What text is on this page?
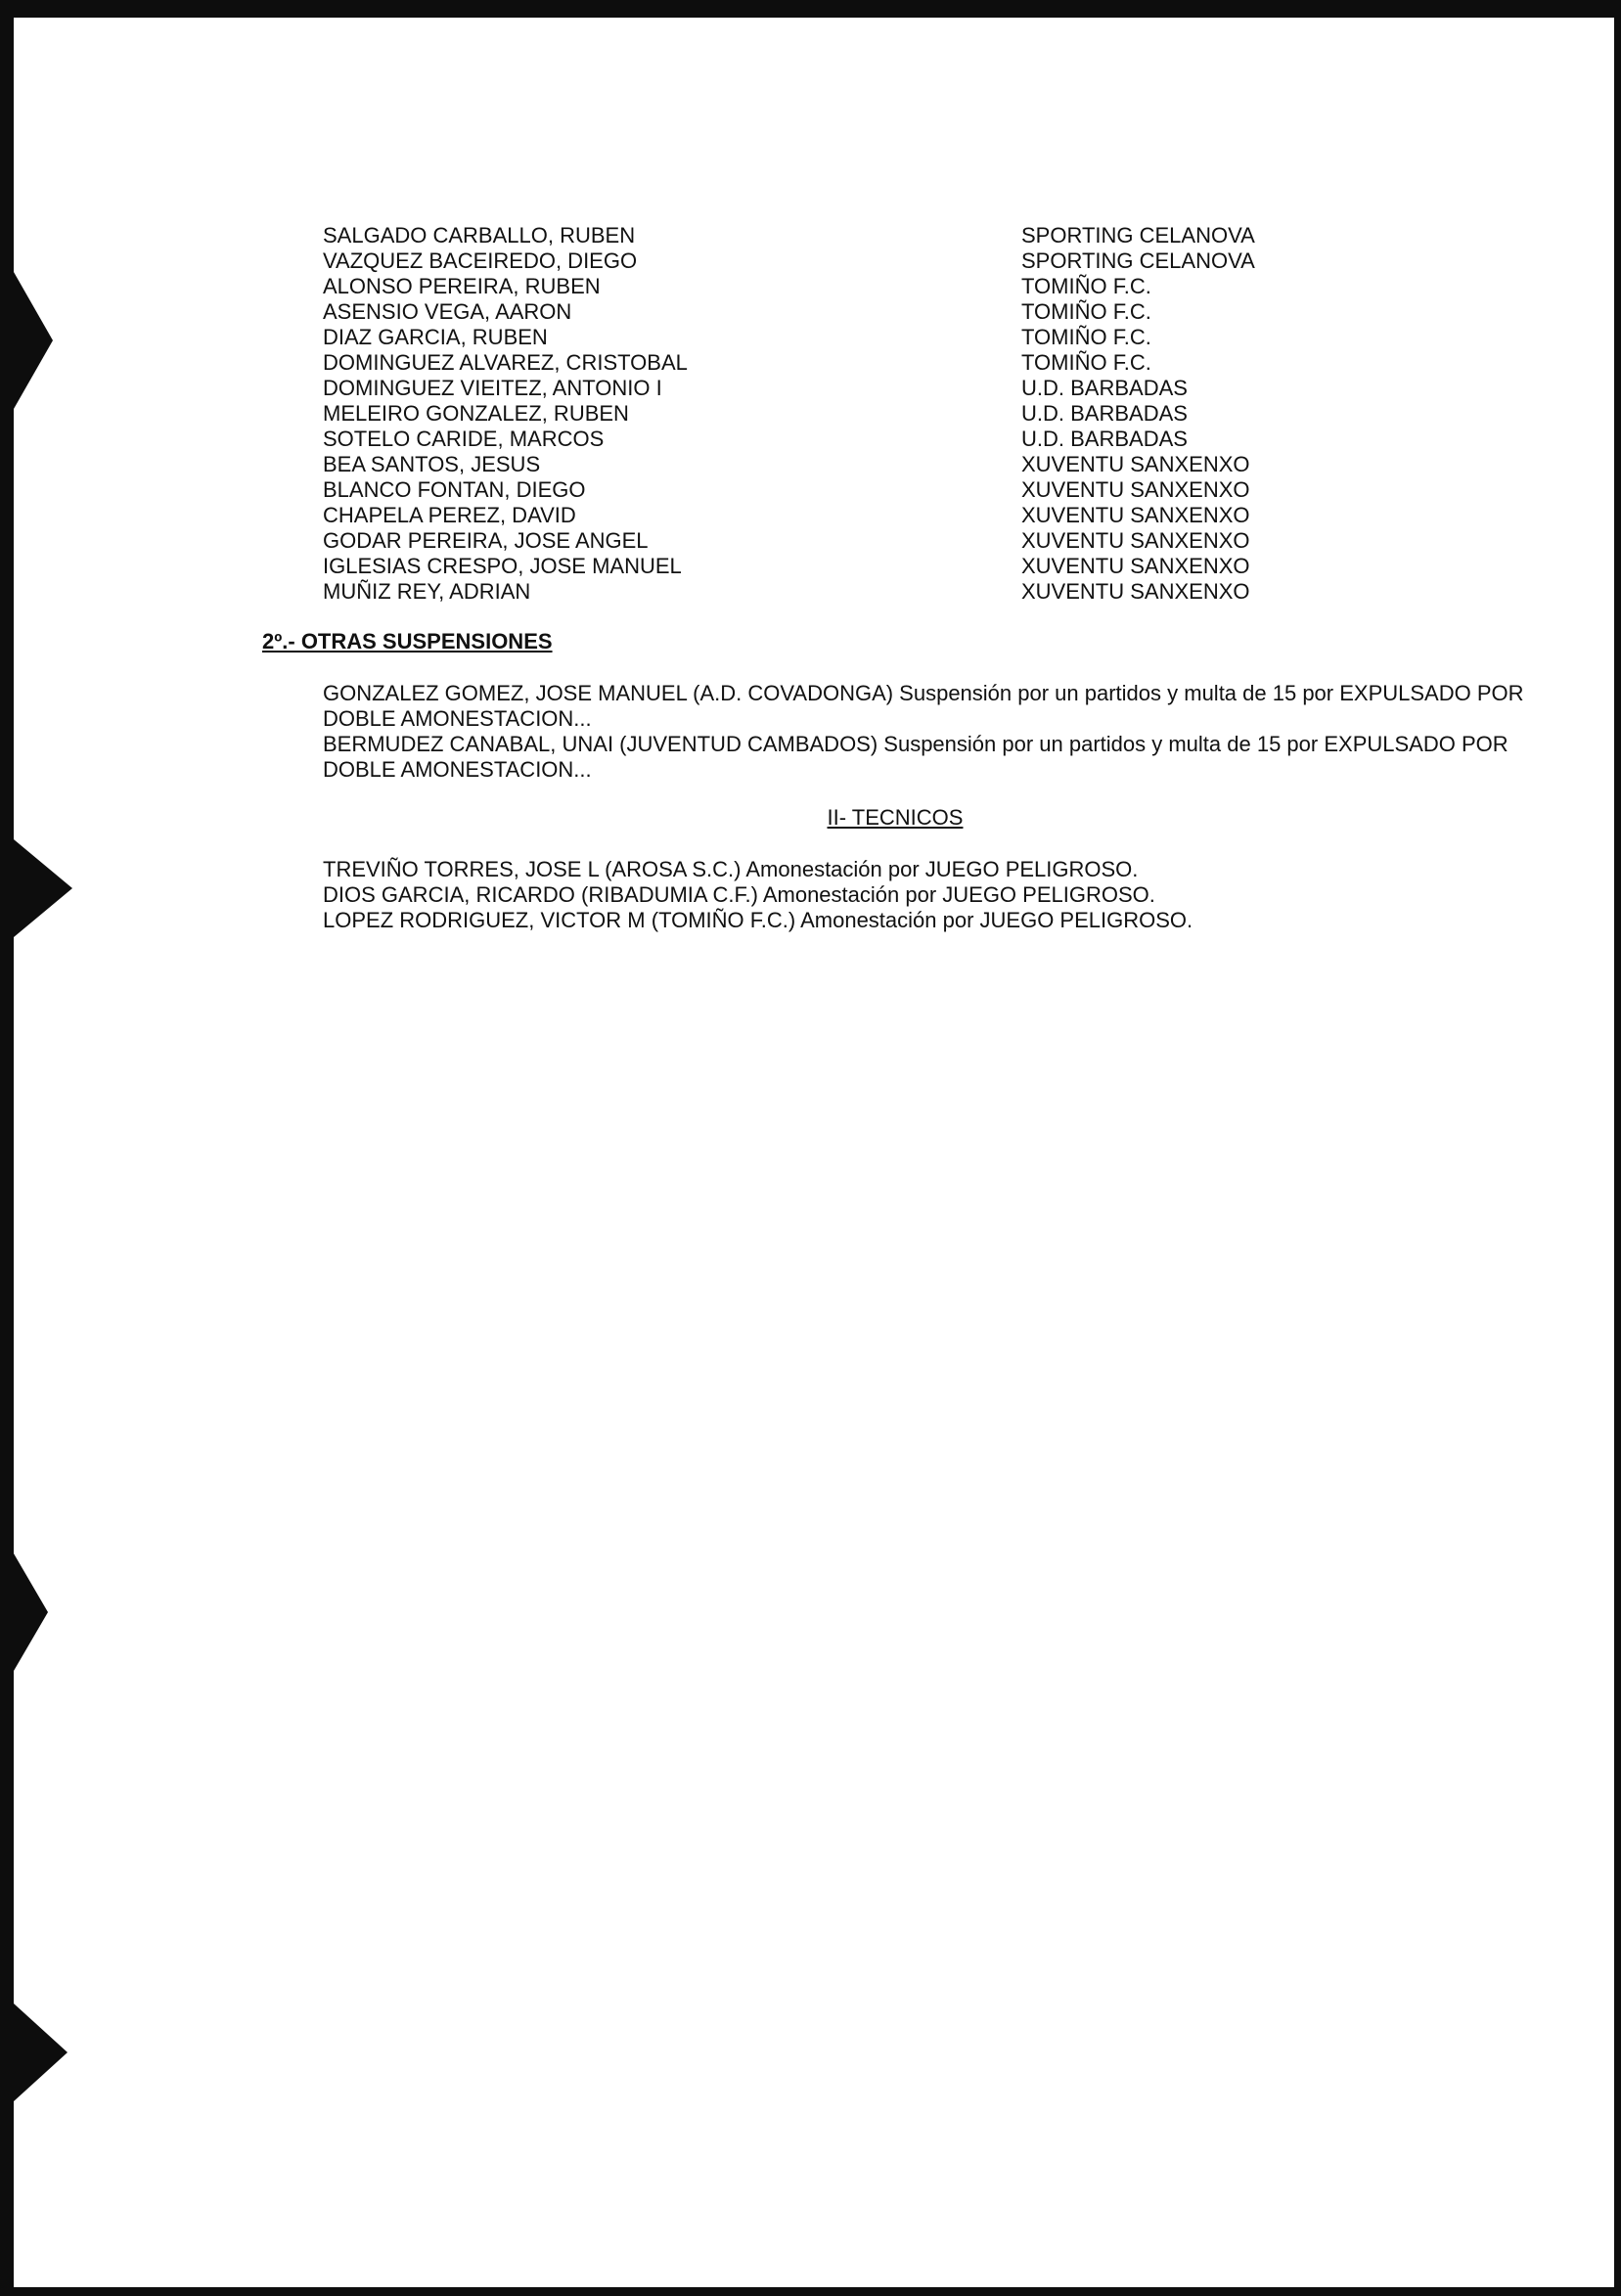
SALGADO CARBALLO, RUBEN	SPORTING CELANOVA
VAZQUEZ BACEIREDO, DIEGO	SPORTING CELANOVA
ALONSO PEREIRA, RUBEN	TOMIÑO F.C.
ASENSIO VEGA, AARON	TOMIÑO F.C.
DIAZ GARCIA, RUBEN	TOMIÑO F.C.
DOMINGUEZ ALVAREZ, CRISTOBAL	TOMIÑO F.C.
DOMINGUEZ VIEITEZ, ANTONIO I	U.D. BARBADAS
MELEIRO GONZALEZ, RUBEN	U.D. BARBADAS
SOTELO CARIDE, MARCOS	U.D. BARBADAS
BEA SANTOS, JESUS	XUVENTU SANXENXO
BLANCO FONTAN, DIEGO	XUVENTU SANXENXO
CHAPELA PEREZ, DAVID	XUVENTU SANXENXO
GODAR PEREIRA, JOSE ANGEL	XUVENTU SANXENXO
IGLESIAS CRESPO, JOSE MANUEL	XUVENTU SANXENXO
MUÑIZ REY, ADRIAN	XUVENTU SANXENXO
2º.- OTRAS SUSPENSIONES

GONZALEZ GOMEZ, JOSE MANUEL (A.D. COVADONGA) Suspensión por un partidos y multa de 15 por EXPULSADO POR DOBLE AMONESTACION...

BERMUDEZ CANABAL, UNAI (JUVENTUD CAMBADOS) Suspensión por un partidos y multa de 15 por EXPULSADO POR DOBLE AMONESTACION...

II- TECNICOS
TREVIÑO TORRES, JOSE L (AROSA S.C.) Amonestación por JUEGO PELIGROSO.
DIOS GARCIA, RICARDO (RIBADUMIA C.F.) Amonestación por JUEGO PELIGROSO.
LOPEZ RODRIGUEZ, VICTOR M (TOMIÑO F.C.) Amonestación por JUEGO PELIGROSO.
